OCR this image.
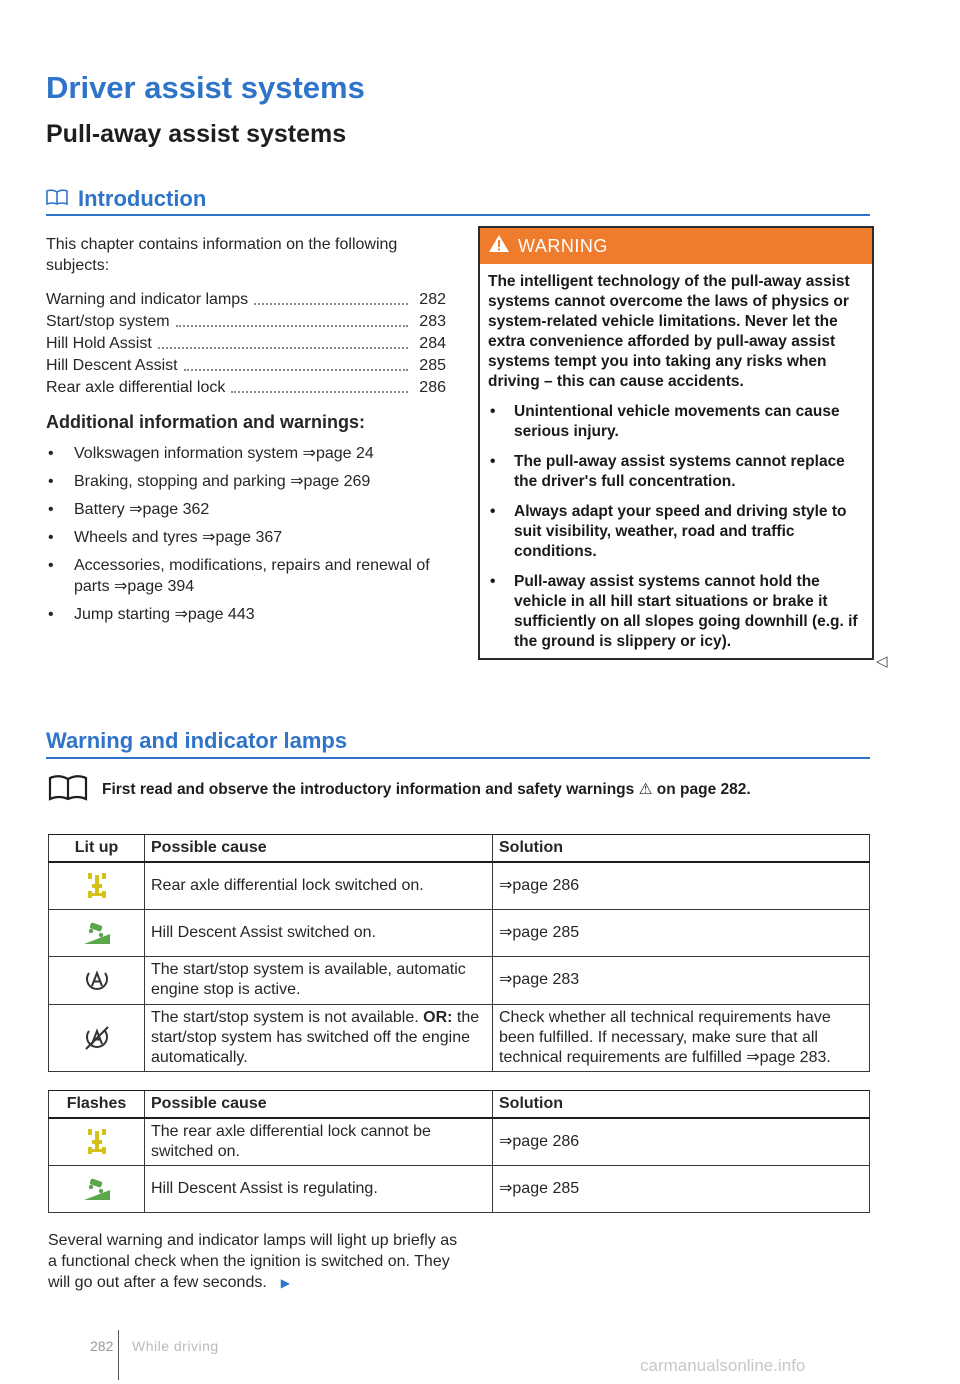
Driver assist systems
Pull-away assist systems
Introduction
This chapter contains information on the following subjects:
Warning and indicator lamps	282
Start/stop system	283
Hill Hold Assist	284
Hill Descent Assist	285
Rear axle differential lock	286
Additional information and warnings:
•	Volkswagen information system ⇒page 24
•	Braking, stopping and parking ⇒page 269
•	Battery ⇒page 362
•	Wheels and tyres ⇒page 367
•	Accessories, modifications, repairs and renewal of parts ⇒page 394
•	Jump starting ⇒page 443
WARNING

The intelligent technology of the pull-away assist systems cannot overcome the laws of physics or system-related vehicle limitations. Never let the extra convenience afforded by pull-away assist systems tempt you into taking any risks when driving – this can cause accidents.

•	Unintentional vehicle movements can cause serious injury.
•	The pull-away assist systems cannot replace the driver's full concentration.
•	Always adapt your speed and driving style to suit visibility, weather, road and traffic conditions.
•	Pull-away assist systems cannot hold the vehicle in all hill start situations or brake it sufficiently on all slopes going downhill (e.g. if the ground is slippery or icy).
◁
Warning and indicator lamps
First read and observe the introductory information and safety warnings ⚠ on page 282.
Lit up	Possible cause	Solution

	Rear axle differential lock switched on.	⇒page 286

	Hill Descent Assist switched on.	⇒page 285

	The start/stop system is available, automatic engine stop is active.	⇒page 283

	The start/stop system is not available. OR: the start/stop system has switched off the engine automatically.	Check whether all technical requirements have been fulfilled. If necessary, make sure that all technical requirements are fulfilled ⇒page 283.
Flashes	Possible cause	Solution

	The rear axle differential lock cannot be switched on.	⇒page 286

	Hill Descent Assist is regulating.	⇒page 285
Several warning and indicator lamps will light up briefly as a functional check when the ignition is switched on. They will go out after a few seconds. ▶
282 While driving
carmanualsonline.info
